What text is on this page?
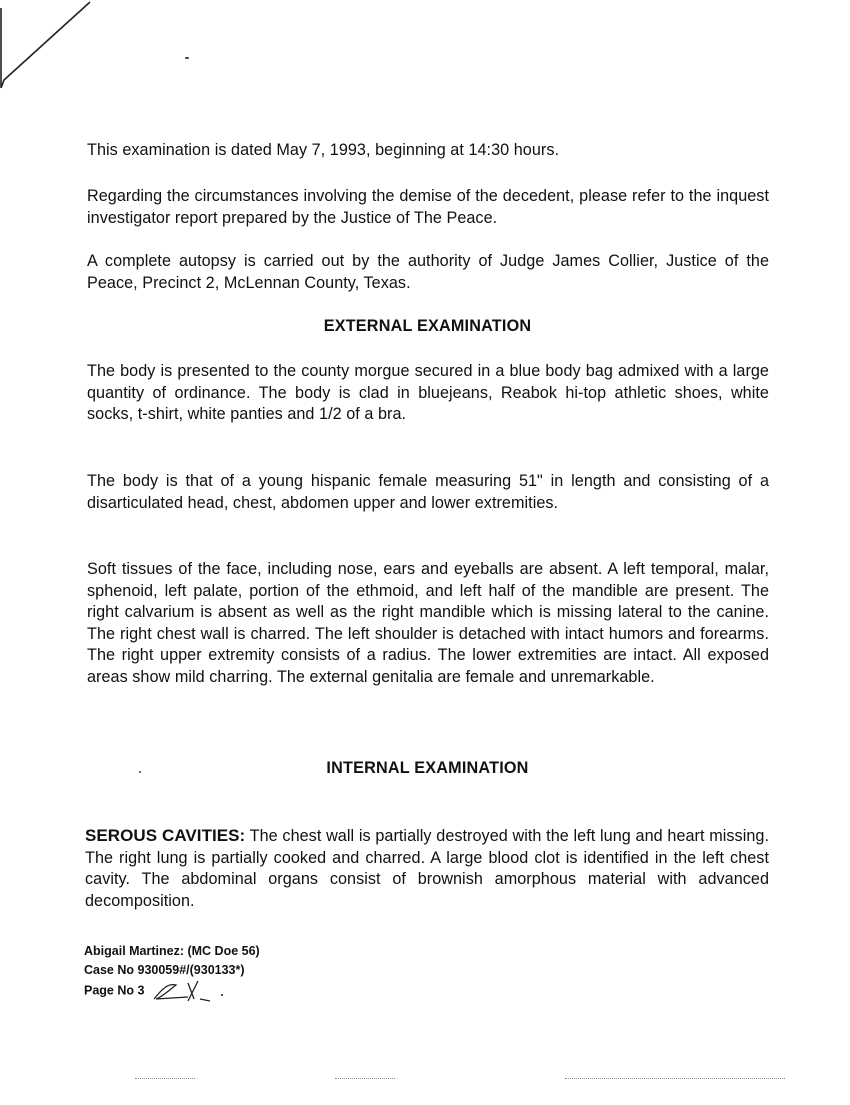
This examination is dated May 7, 1993, beginning at 14:30 hours.

Regarding the circumstances involving the demise of the decedent, please refer to the inquest investigator report prepared by the Justice of The Peace.

A complete autopsy is carried out by the authority of Judge James Collier, Justice of the Peace, Precinct 2, McLennan County, Texas.

EXTERNAL EXAMINATION

The body is presented to the county morgue secured in a blue body bag admixed with a large quantity of ordinance. The body is clad in bluejeans, Reabok hi-top athletic shoes, white socks, t-shirt, white panties and 1/2 of a bra.

The body is that of a young hispanic female measuring 51" in length and consisting of a disarticulated head, chest, abdomen upper and lower extremities.

Soft tissues of the face, including nose, ears and eyeballs are absent. A left temporal, malar, sphenoid, left palate, portion of the ethmoid, and left half of the mandible are present. The right calvarium is absent as well as the right mandible which is missing lateral to the canine. The right chest wall is charred. The left shoulder is detached with intact humors and forearms. The right upper extremity consists of a radius. The lower extremities are intact. All exposed areas show mild charring. The external genitalia are female and unremarkable.

INTERNAL EXAMINATION

SEROUS CAVITIES: The chest wall is partially destroyed with the left lung and heart missing. The right lung is partially cooked and charred. A large blood clot is identified in the left chest cavity. The abdominal organs consist of brownish amorphous material with advanced decomposition.

Abigail Martinez: (MC Doe 56)
Case No 930059#/(930133*)
Page No 3
